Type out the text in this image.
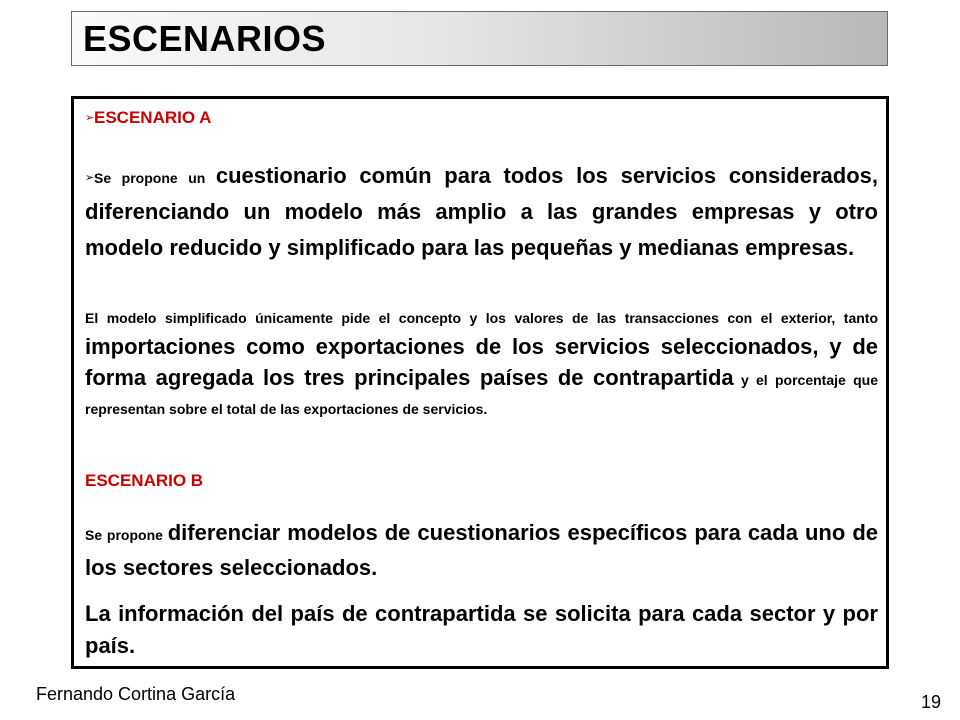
ESCENARIOS
➢ESCENARIO A
➢Se propone un cuestionario común para todos los servicios considerados, diferenciando un modelo más amplio a las grandes empresas y otro modelo reducido y simplificado para las pequeñas y medianas empresas.
El modelo simplificado únicamente pide el concepto y los valores de las transacciones con el exterior, tanto importaciones como exportaciones de los servicios seleccionados, y de forma agregada los tres principales países de contrapartida y el porcentaje que representan sobre el total de las exportaciones de servicios.
ESCENARIO B
Se propone diferenciar modelos de cuestionarios específicos para cada uno de los sectores seleccionados.
La información del país de contrapartida se solicita para cada sector y por país.
Fernando Cortina García	19
